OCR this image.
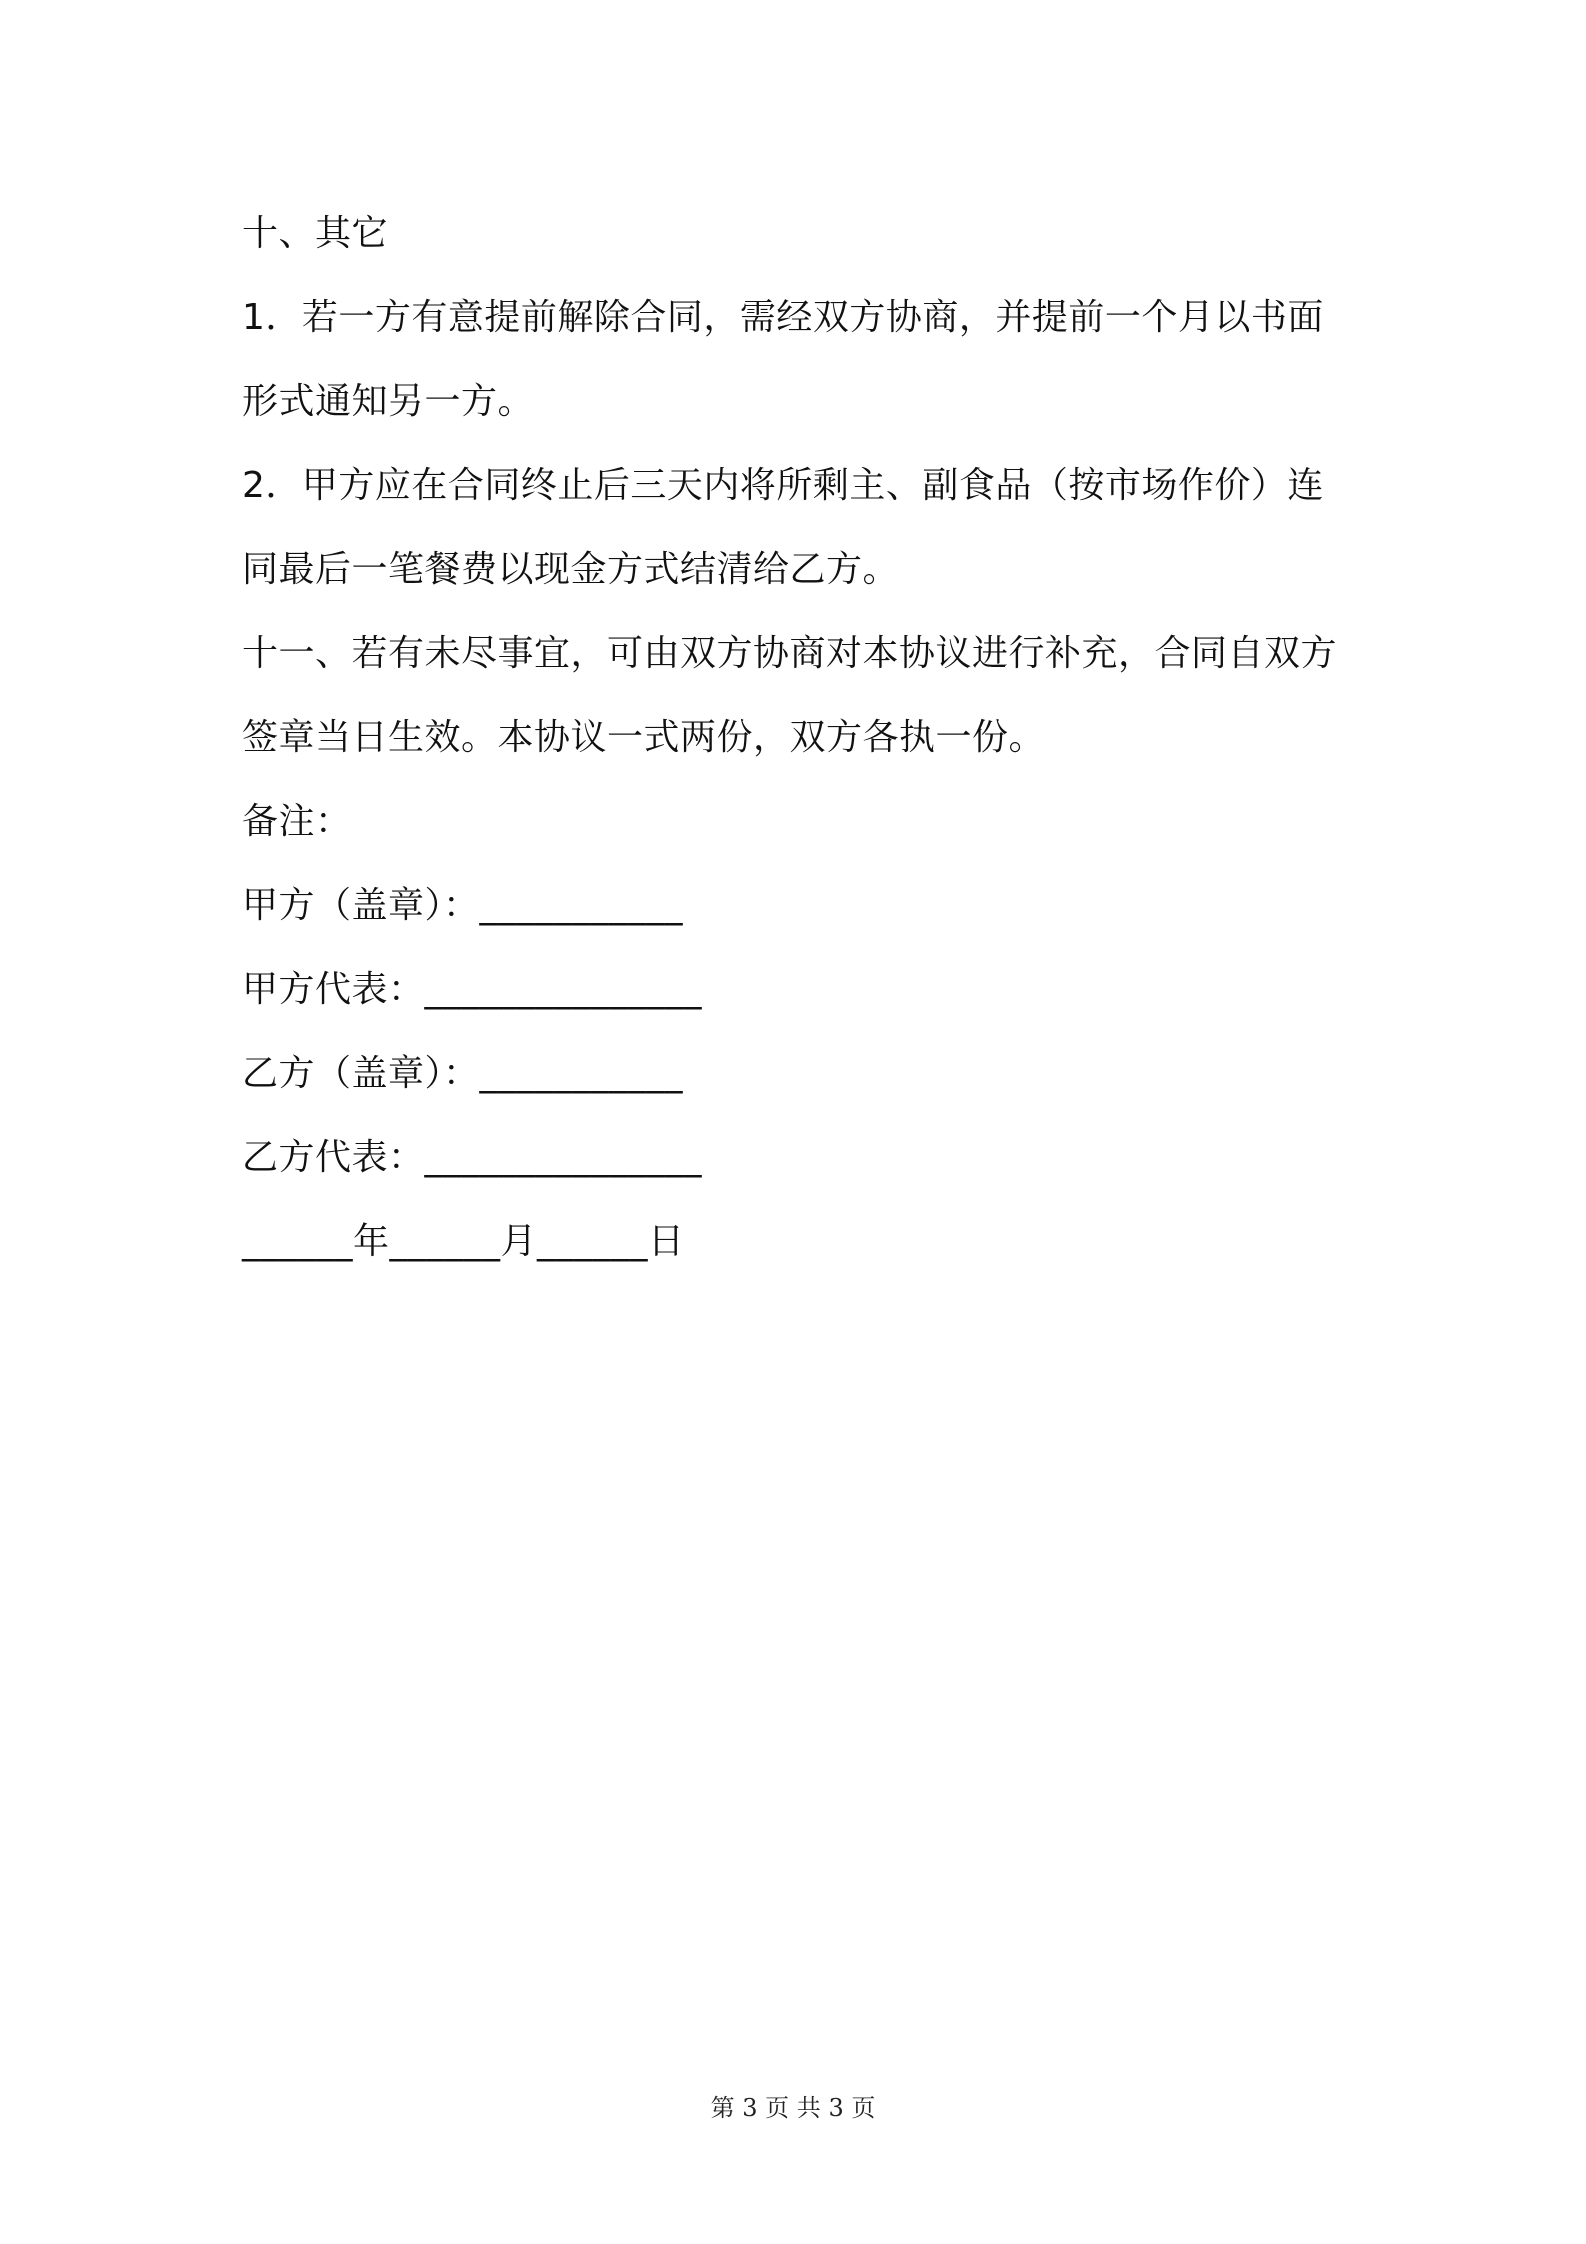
十、其它
1．若一方有意提前解除合同，需经双方协商，并提前一个月以书面
形式通知另一方。
2．甲方应在合同终止后三天内将所剩主、副食品（按市场作价）连
同最后一笔餐费以现金方式结清给乙方。
十一、若有未尽事宜，可由双方协商对本协议进行补充，合同自双方
签章当日生效。本协议一式两份，双方各执一份。
备注：
甲方（盖章）：___________
甲方代表：_______________
乙方（盖章）：___________
乙方代表：_______________
______年______月______日
第 3 页 共 3 页
